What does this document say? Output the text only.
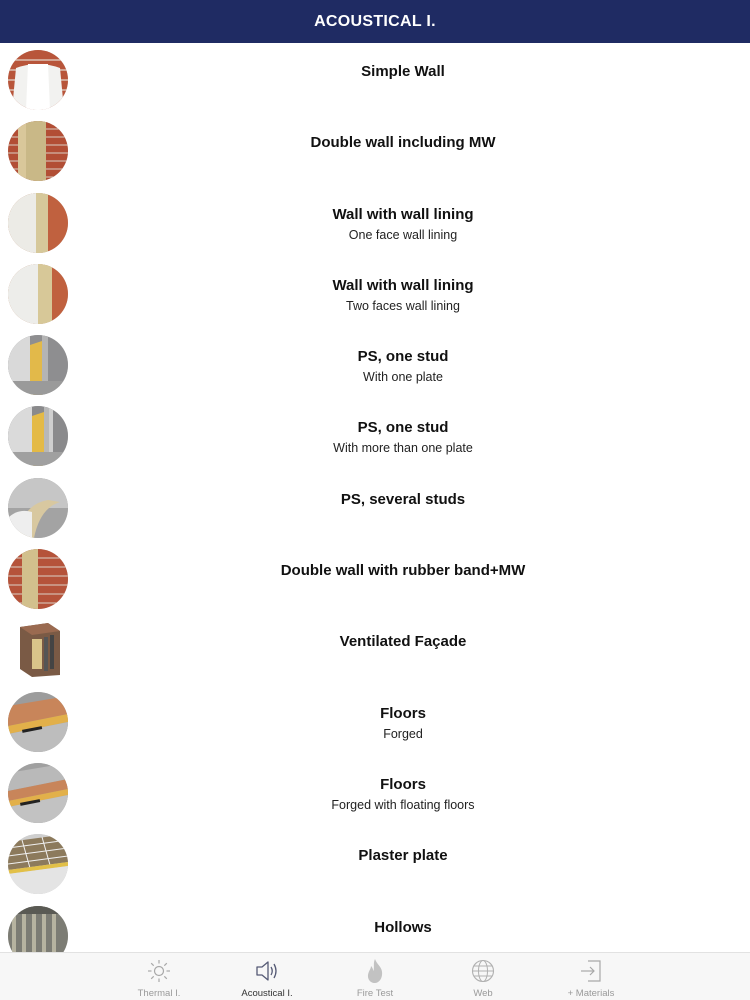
ACOUSTICAL I.
Simple Wall
Double wall including MW
Wall with wall lining
One face wall lining
Wall with wall lining
Two faces wall lining
PS, one stud
With one plate
PS, one stud
With more than one plate
PS, several studs
Double wall with rubber band+MW
Ventilated Façade
Floors
Forged
Floors
Forged with floating floors
Plaster plate
Hollows
Thermal I.	Acoustical I.	Fire Test	Web	+ Materials
